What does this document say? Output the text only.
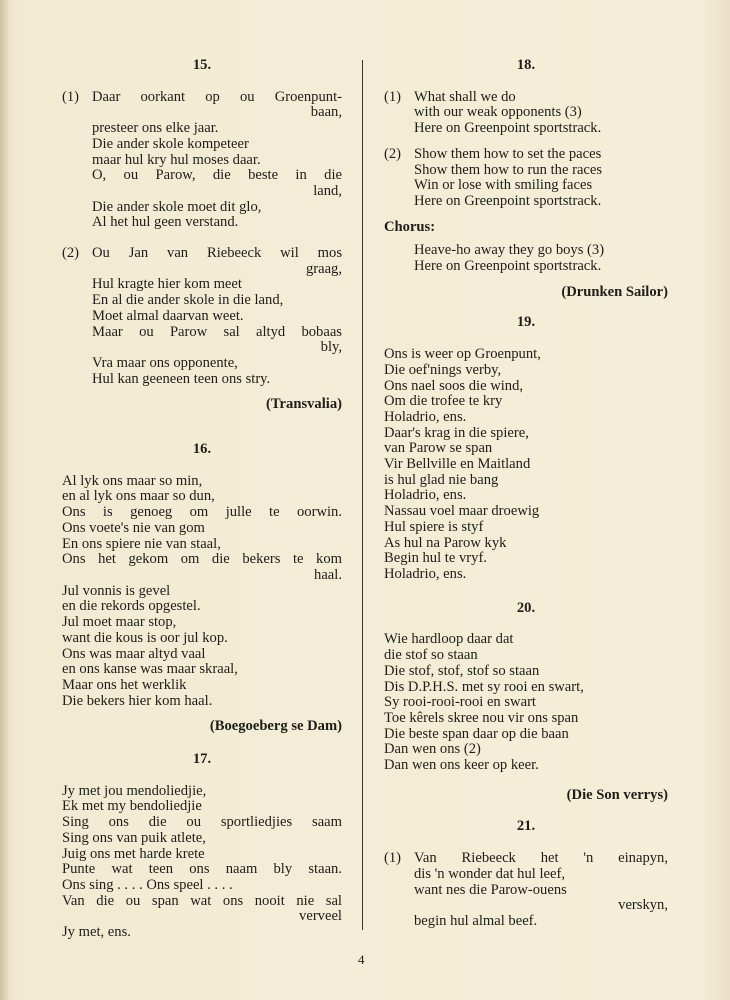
15.
(1) Daar oorkant op ou Groenpunt-
baan,
presteer ons elke jaar.
Die ander skole kompeteer
maar hul kry hul moses daar.
O, ou Parow, die beste in die
land,
Die ander skole moet dit glo,
Al het hul geen verstand.
(2) Ou Jan van Riebeeck wil mos
graag,
Hul kragte hier kom meet
En al die ander skole in die land,
Moet almal daarvan weet.
Maar ou Parow sal altyd bobaas
bly,
Vra maar ons opponente,
Hul kan geeneen teen ons stry.
(Transvalia)
16.
Al lyk ons maar so min,
en al lyk ons maar so dun,
Ons is genoeg om julle te oorwin.
Ons voete's nie van gom
En ons spiere nie van staal,
Ons het gekom om die bekers te kom
haal.
Jul vonnis is gevel
en die rekords opgestel.
Jul moet maar stop,
want die kous is oor jul kop.
Ons was maar altyd vaal
en ons kanse was maar skraal,
Maar ons het werklik
Die bekers hier kom haal.
(Boegoeberg se Dam)
17.
Jy met jou mendoliedjie,
Ek met my bendoliedjie
Sing ons die ou sportliedjies saam
Sing ons van puik atlete,
Juig ons met harde krete
Punte wat teen ons naam bly staan.
Ons sing . . . . Ons speel . . . .
Van die ou span wat ons nooit nie sal
verveel
Jy met, ens.
18.
(1) What shall we do
with our weak opponents (3)
Here on Greenpoint sportstrack.
(2) Show them how to set the paces
Show them how to run the races
Win or lose with smiling faces
Here on Greenpoint sportstrack.
Chorus:
Heave-ho away they go boys (3)
Here on Greenpoint sportstrack.
(Drunken Sailor)
19.
Ons is weer op Groenpunt,
Die oef'nings verby,
Ons nael soos die wind,
Om die trofee te kry
Holadrio, ens.
Daar's krag in die spiere,
van Parow se span
Vir Bellville en Maitland
is hul glad nie bang
Holadrio, ens.
Nassau voel maar droewig
Hul spiere is styf
As hul na Parow kyk
Begin hul te vryf.
Holadrio, ens.
20.
Wie hardloop daar dat
die stof so staan
Die stof, stof, stof so staan
Dis D.P.H.S. met sy rooi en swart,
Sy rooi-rooi-rooi en swart
Toe kêrels skree nou vir ons span
Die beste span daar op die baan
Dan wen ons (2)
Dan wen ons keer op keer.
(Die Son verrys)
21.
(1) Van Riebeeck het 'n einapyn,
dis 'n wonder dat hul leef,
want nes die Parow-ouens
verskyn,
begin hul almal beef.
4
